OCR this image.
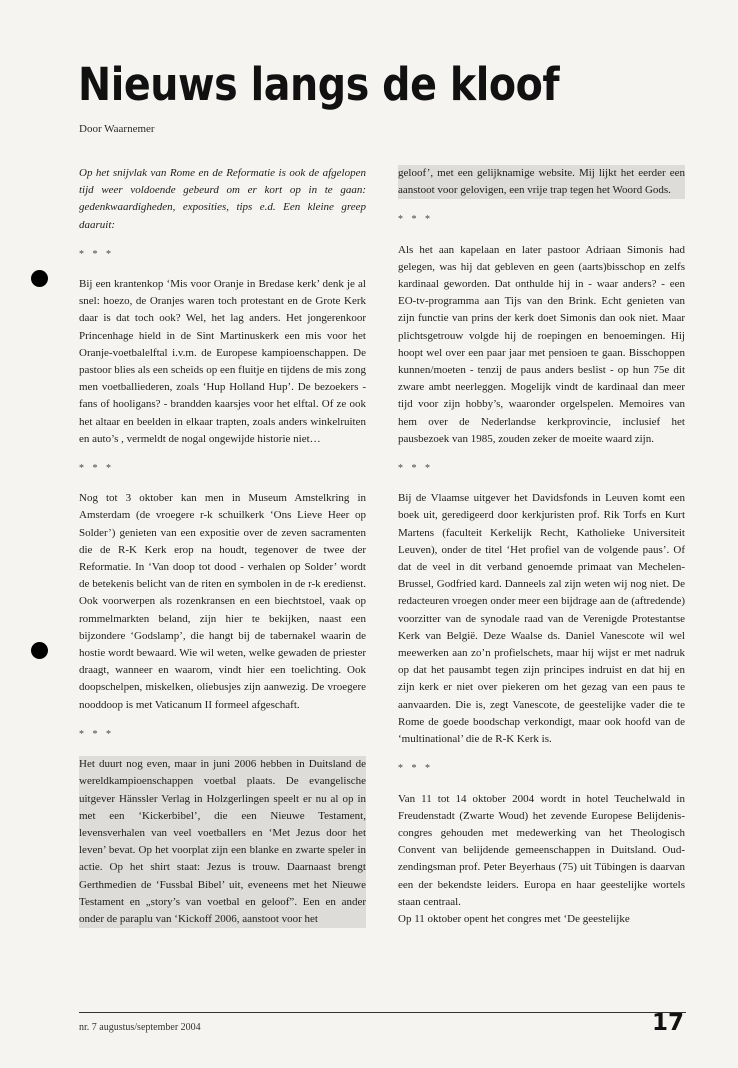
Nieuws langs de kloof
Door Waarnemer

Op het snijvlak van Rome en de Reformatie is ook de afgelopen tijd weer voldoende gebeurd om er kort op in te gaan: gedenkwaardigheden, exposities, tips e.d. Een kleine greep daaruit:

* * *

Bij een krantenkop ‘Mis voor Oranje in Bredase kerk’ denk je al snel: hoezo, de Oranjes waren toch protestant en de Grote Kerk daar is dat toch ook? Wel, het lag anders. Het jongerenkoor Princenhage hield in de Sint Martinuskerk een mis voor het Oranje-voetbalelftal i.v.m. de Europese kampioenschappen. De pastoor blies als een scheids op een fluitje en tijdens de mis zong men voetballiederen, zoals ‘Hup Holland Hup’. De bezoekers - fans of hooligans? - brandden kaarsjes voor het elftal. Of ze ook het altaar en beelden in elkaar trapten, zoals anders winkelruiten en auto’s , vermeldt de nogal ongewijde historie niet…

* * *

Nog tot 3 oktober kan men in Museum Amstelkring in Amsterdam (de vroegere r-k schuilkerk ‘Ons Lieve Heer op Solder’) genieten van een expositie over de zeven sacramenten die de R-K Kerk erop na houdt, tegenover de twee der Reformatie. In ‘Van doop tot dood - verhalen op Solder’ wordt de betekenis belicht van de riten en symbolen in de r-k eredienst. Ook voorwerpen als rozenkransen en een biechtstoel, vaak op rommelmarkten beland, zijn hier te bekijken, naast een bijzondere ‘Godslamp’, die hangt bij de tabernakel waarin de hostie wordt bewaard. Wie wil weten, welke gewaden de priester draagt, wanneer en waarom, vindt hier een toelichting. Ook doopschelpen, miskelken, oliebusjes zijn aanwezig. De vroegere nooddoop is met Vaticanum II formeel afgeschaft.

* * *

Het duurt nog even, maar in juni 2006 hebben in Duitsland de wereldkampioenschappen voetbal plaats. De evangelische uitgever Hänssler Verlag in Holzgerlingen speelt er nu al op in met een ‘Kickerbibel’, die een Nieuwe Testament, levensverhalen van veel voetballers en ‘Met Jezus door het leven’ bevat. Op het voorplat zijn een blanke en zwarte speler in actie. Op het shirt staat: Jezus is trouw. Daarnaast brengt Gerthmedien de ‘Fussbal Bibel’ uit, eveneens met het Nieuwe Testament en „story’s van voetbal en geloof”. Een en ander onder de paraplu van ‘Kickoff 2006, aanstoot voor het

geloof’, met een gelijknamige website. Mij lijkt het eerder een aanstoot voor gelovigen, een vrije trap tegen het Woord Gods.

* * *

Als het aan kapelaan en later pastoor Adriaan Simonis had gelegen, was hij dat gebleven en geen (aarts)bisschop en zelfs kardinaal geworden. Dat onthulde hij in - waar anders? - een EO-tv-programma aan Tijs van den Brink. Echt genieten van zijn functie van prins der kerk doet Simonis dan ook niet. Maar plichtsgetrouw volgde hij de roepingen en benoemingen. Hij hoopt wel over een paar jaar met pensioen te gaan. Bisschoppen kunnen/moeten - tenzij de paus anders beslist - op hun 75e dit zware ambt neerleggen. Mogelijk vindt de kardinaal dan meer tijd voor zijn hobby’s, waaronder orgelspelen. Memoires van hem over de Nederlandse kerkprovincie, inclusief het pausbezoek van 1985, zouden zeker de moeite waard zijn.

* * *

Bij de Vlaamse uitgever het Davidsfonds in Leuven komt een boek uit, geredigeerd door kerkjuristen prof. Rik Torfs en Kurt Martens (faculteit Kerkelijk Recht, Katholieke Universiteit Leuven), onder de titel ‘Het profiel van de volgende paus’. Of dat de veel in dit verband genoemde primaat van Mechelen-Brussel, Godfried kard. Danneels zal zijn weten wij nog niet. De redacteuren vroegen onder meer een bijdrage aan de (aftredende) voorzitter van de synodale raad van de Verenigde Protestantse Kerk van België. Deze Waalse ds. Daniel Vanescote wil wel meewerken aan zo’n profielschets, maar hij wijst er met nadruk op dat het pausambt tegen zijn principes indruist en dat hij en zijn kerk er niet over piekeren om het gezag van een paus te aanvaarden. Die is, zegt Vanescote, de geestelijke vader die te Rome de goede boodschap verkondigt, maar ook hoofd van de ‘multinational’ die de R-K Kerk is.

* * *

Van 11 tot 14 oktober 2004 wordt in hotel Teuchelwald in Freudenstadt (Zwarte Woud) het zevende Europese Belijdenis-congres gehouden met medewerking van het Theologisch Convent van belijdende gemeenschappen in Duitsland. Oud-zendingsman prof. Peter Beyerhaus (75) uit Tübingen is daarvan een der bekendste leiders. Europa en haar geestelijke wortels staan centraal.

Op 11 oktober opent het congres met ‘De geestelijke

nr. 7 augustus/september 2004	17
